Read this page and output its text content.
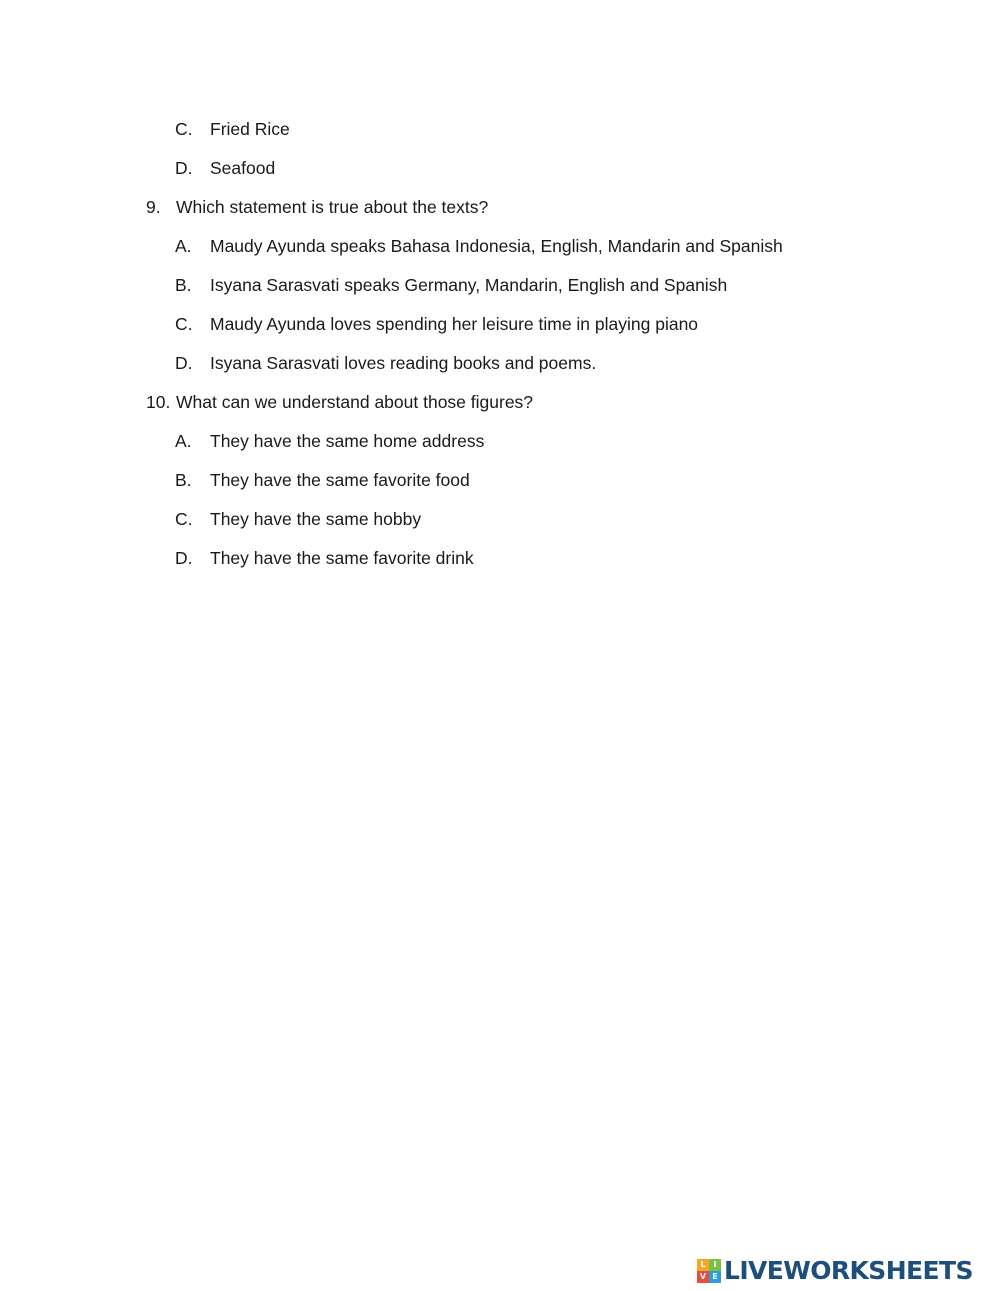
C. Fried Rice
D. Seafood
9. Which statement is true about the texts?
A. Maudy Ayunda speaks Bahasa Indonesia, English, Mandarin and Spanish
B. Isyana Sarasvati speaks Germany, Mandarin, English and Spanish
C. Maudy Ayunda loves spending her leisure time in playing piano
D. Isyana Sarasvati loves reading books and poems.
10. What can we understand about those figures?
A. They have the same home address
B. They have the same favorite food
C. They have the same hobby
D. They have the same favorite drink
L I
V E LIVEWORKSHEETS
